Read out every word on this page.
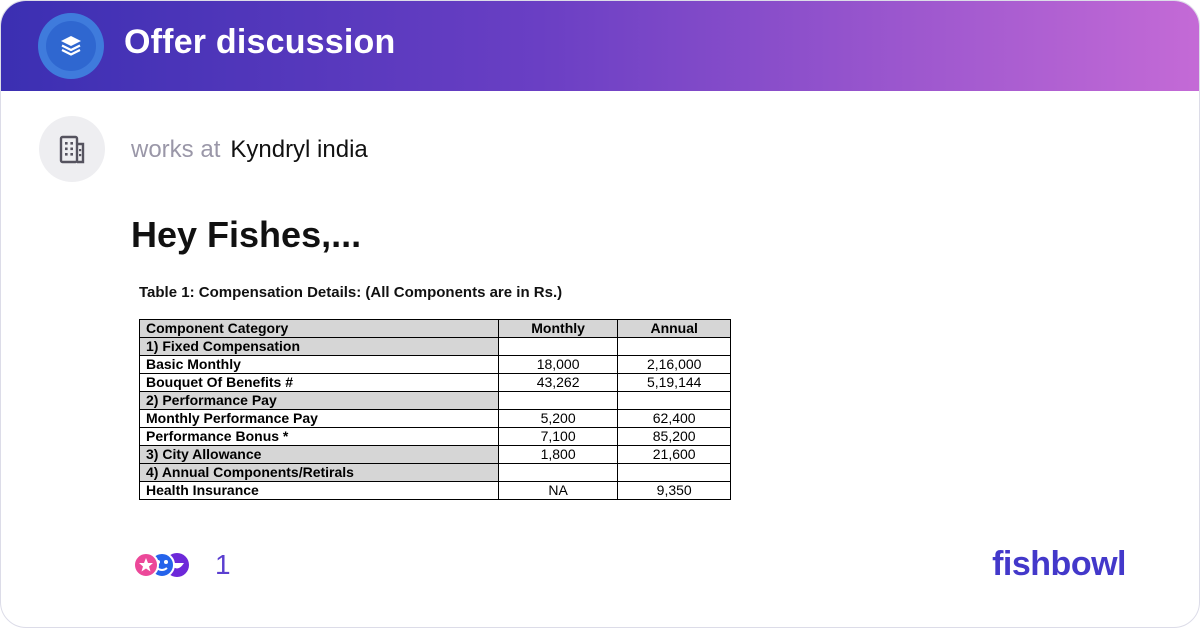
Offer discussion
works at Kyndryl india
Hey Fishes,...
Table 1: Compensation Details: (All Components are in Rs.)
Component Category	Monthly	Annual
1) Fixed Compensation		
Basic Monthly	18,000	2,16,000
Bouquet Of Benefits #	43,262	5,19,144
2) Performance Pay		
Monthly Performance Pay	5,200	62,400
Performance Bonus *	7,100	85,200
3) City Allowance	1,800	21,600
4) Annual Components/Retirals		
Health Insurance	NA	9,350
1	fishbowl
